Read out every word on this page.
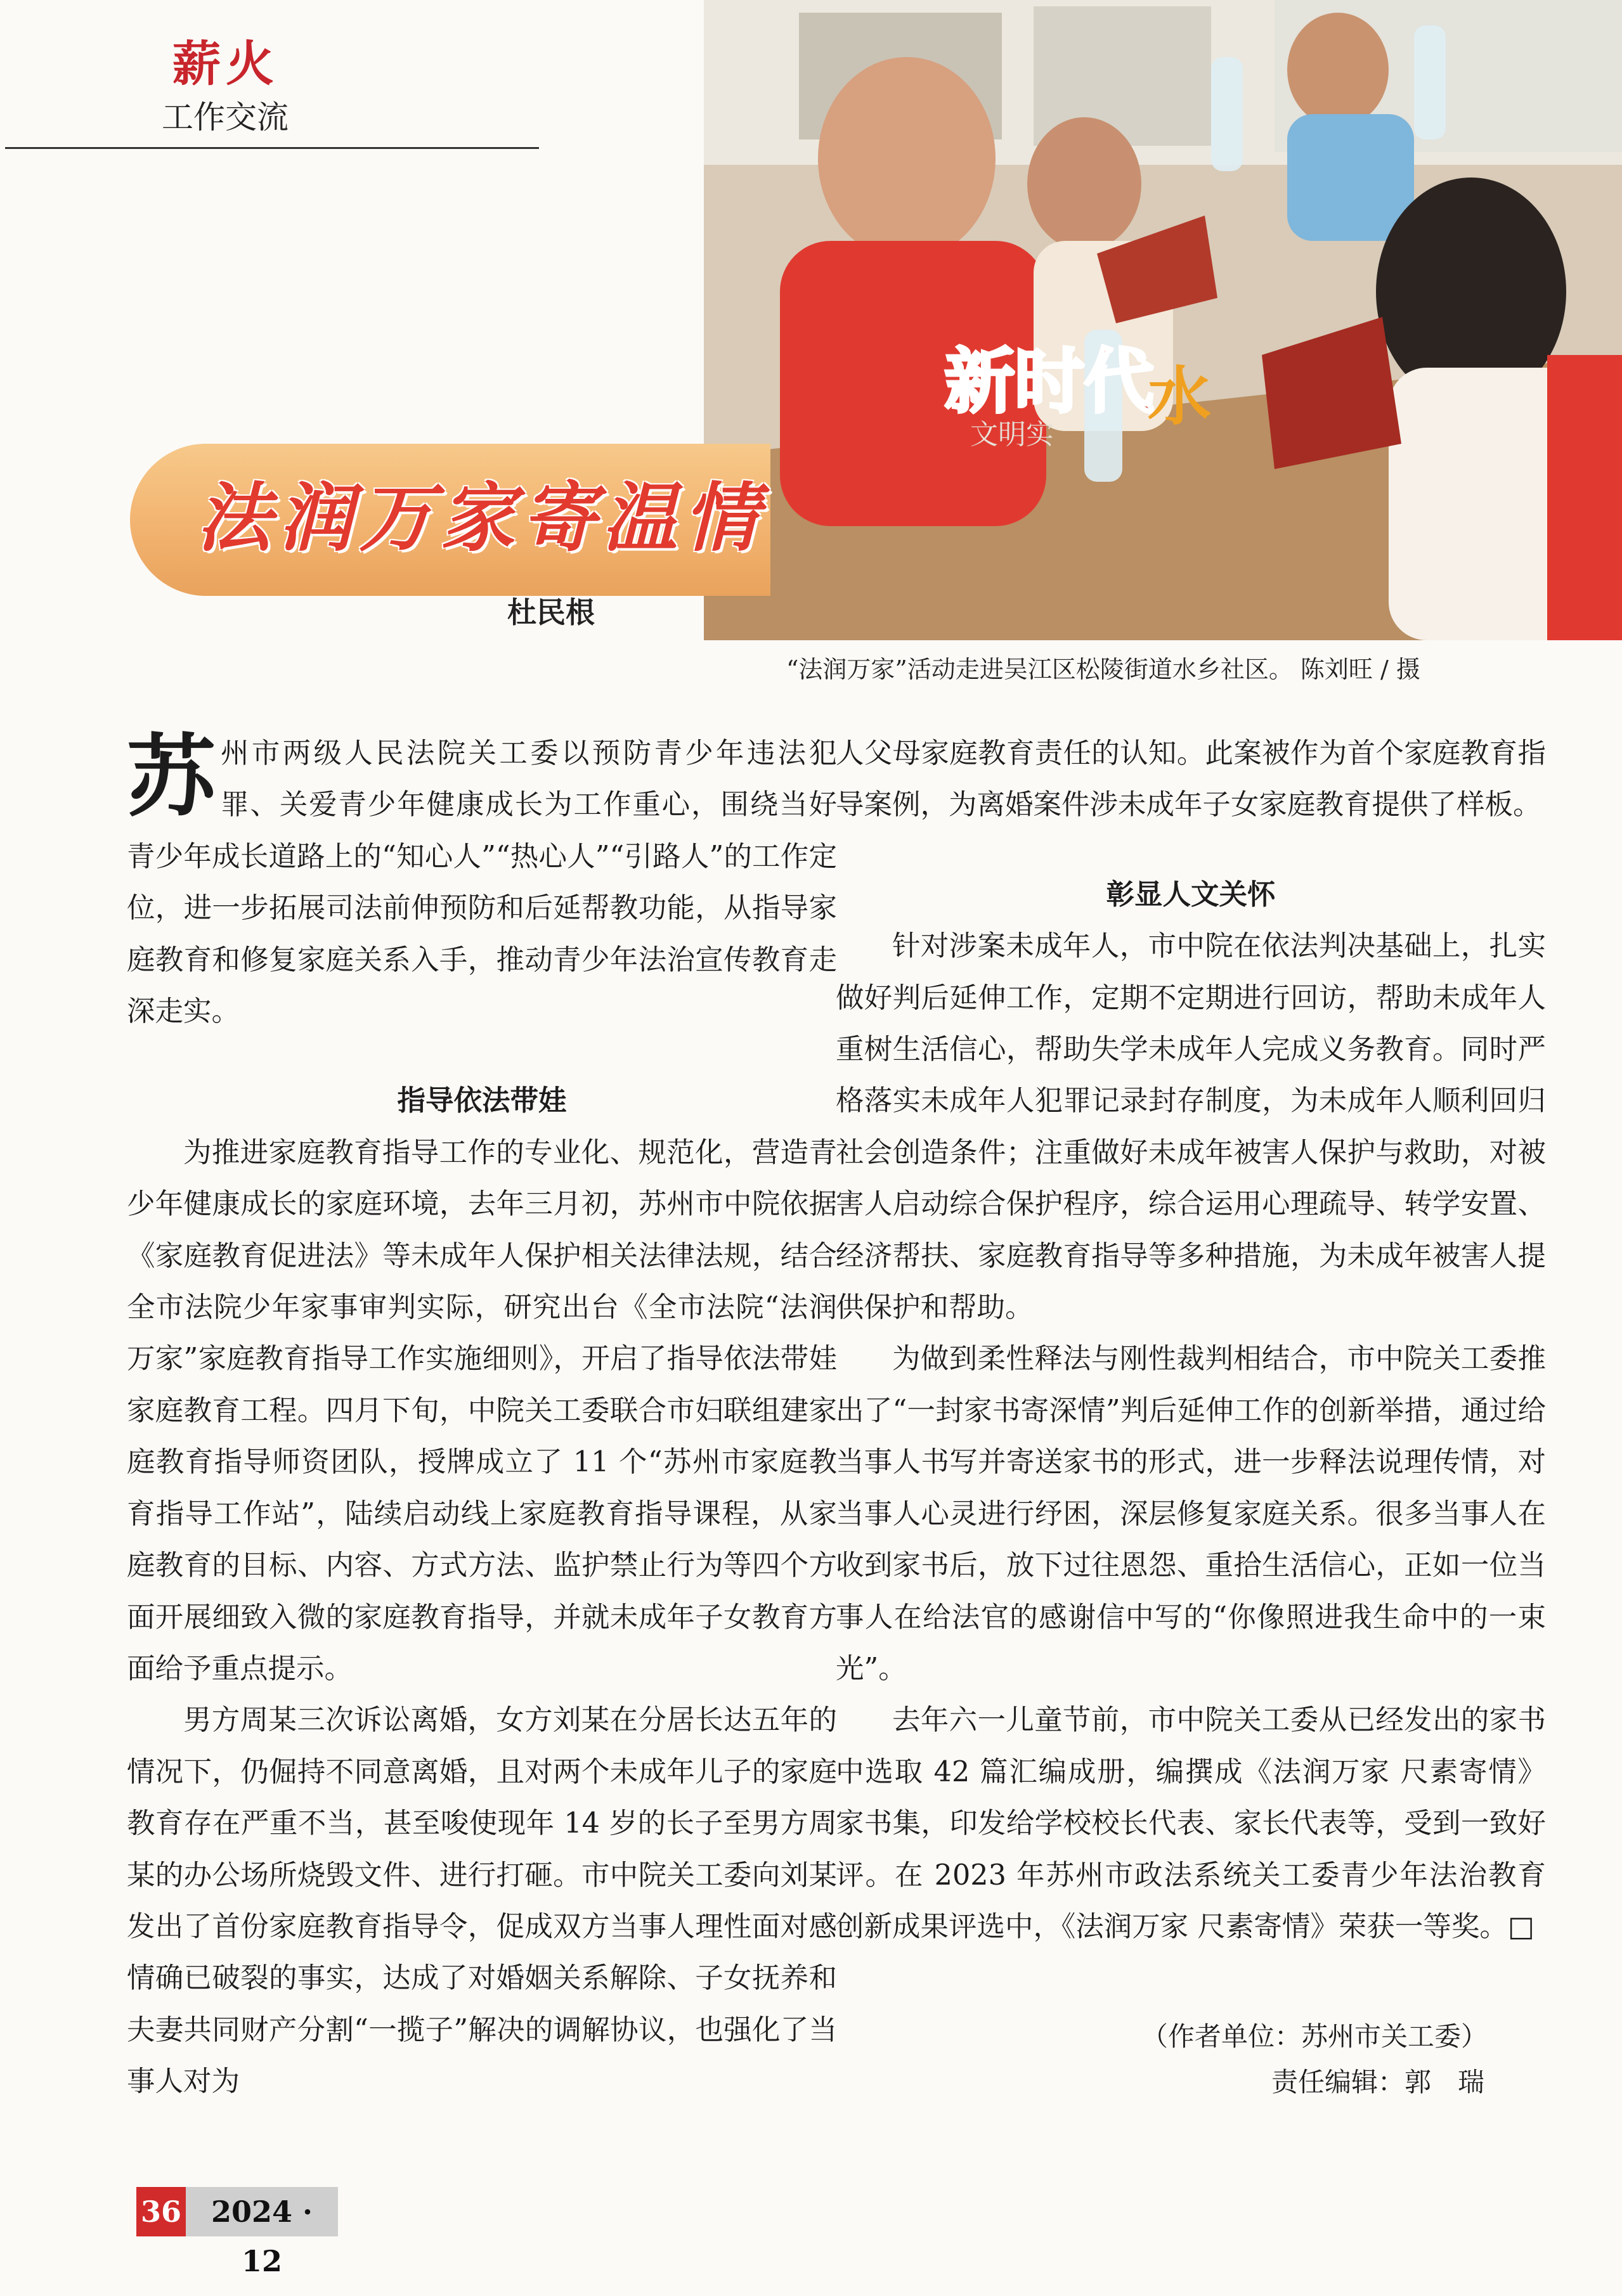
薪火
工作交流
新时代
文明实
水
法润万家寄温情
杜民根
“法润万家”活动走进吴江区松陵街道水乡社区。 陈刘旺 / 摄

苏州市两级人民法院关工委以预防青少年违法犯罪、关爱青少年健康成长为工作重心，围绕当好青少年成长道路上的“知心人”“热心人”“引路人”的工作定位，进一步拓展司法前伸预防和后延帮教功能，从指导家庭教育和修复家庭关系入手，推动青少年法治宣传教育走深走实。

指导依法带娃

为推进家庭教育指导工作的专业化、规范化，营造青少年健康成长的家庭环境，去年三月初，苏州市中院依据《家庭教育促进法》等未成年人保护相关法律法规，结合全市法院少年家事审判实际，研究出台《全市法院“法润万家”家庭教育指导工作实施细则》，开启了指导依法带娃家庭教育工程。四月下旬，中院关工委联合市妇联组建家庭教育指导师资团队，授牌成立了 11 个“苏州市家庭教育指导工作站”，陆续启动线上家庭教育指导课程，从家庭教育的目标、内容、方式方法、监护禁止行为等四个方面开展细致入微的家庭教育指导，并就未成年子女教育方面给予重点提示。

男方周某三次诉讼离婚，女方刘某在分居长达五年的情况下，仍倔持不同意离婚，且对两个未成年儿子的家庭教育存在严重不当，甚至唆使现年 14 岁的长子至男方周某的办公场所烧毁文件、进行打砸。市中院关工委向刘某发出了首份家庭教育指导令，促成双方当事人理性面对感情确已破裂的事实，达成了对婚姻关系解除、子女抚养和夫妻共同财产分割“一揽子”解决的调解协议，也强化了当事人对为

人父母家庭教育责任的认知。此案被作为首个家庭教育指导案例，为离婚案件涉未成年子女家庭教育提供了样板。

彰显人文关怀

针对涉案未成年人，市中院在依法判决基础上，扎实做好判后延伸工作，定期不定期进行回访，帮助未成年人重树生活信心，帮助失学未成年人完成义务教育。同时严格落实未成年人犯罪记录封存制度，为未成年人顺利回归社会创造条件；注重做好未成年被害人保护与救助，对被害人启动综合保护程序，综合运用心理疏导、转学安置、经济帮扶、家庭教育指导等多种措施，为未成年被害人提供保护和帮助。

为做到柔性释法与刚性裁判相结合，市中院关工委推出了“一封家书寄深情”判后延伸工作的创新举措，通过给当事人书写并寄送家书的形式，进一步释法说理传情，对当事人心灵进行纾困，深层修复家庭关系。很多当事人在收到家书后，放下过往恩怨、重拾生活信心，正如一位当事人在给法官的感谢信中写的“你像照进我生命中的一束光”。

去年六一儿童节前，市中院关工委从已经发出的家书中选取 42 篇汇编成册，编撰成《法润万家 尺素寄情》家书集，印发给学校校长代表、家长代表等，受到一致好评。在 2023 年苏州市政法系统关工委青少年法治教育创新成果评选中，《法润万家 尺素寄情》荣获一等奖。□

（作者单位：苏州市关工委）
责任编辑：郭　瑞
36	2024 · 12
